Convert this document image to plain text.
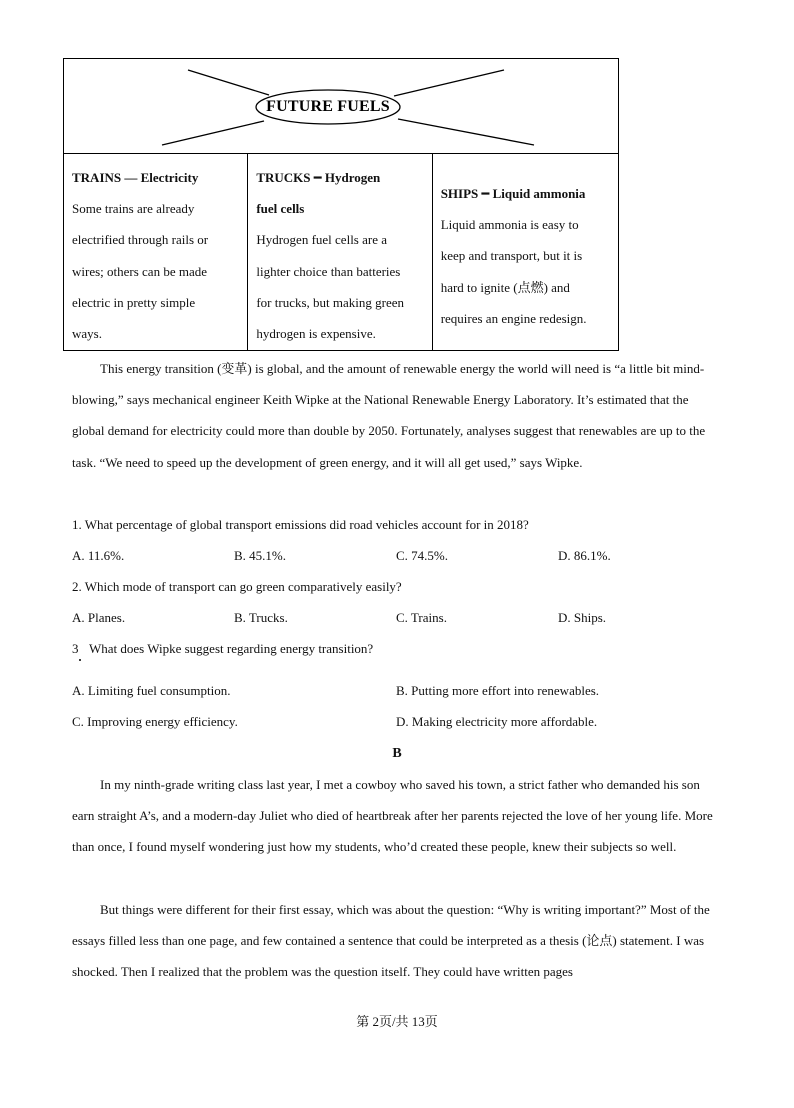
FUTURE FUELS
TRAINS — Electricity
Some trains are already
electrified through rails or
wires; others can be made
electric in pretty simple
ways.
TRUCKS ━ Hydrogen
fuel cells
Hydrogen fuel cells are a
lighter choice than batteries
for trucks, but making green
hydrogen is expensive.
SHIPS ━ Liquid ammonia
Liquid ammonia is easy to
keep and transport, but it is
hard to ignite (点燃) and
requires an engine redesign.
This energy transition (变革) is global, and the amount of renewable energy the world will need is “a little bit mind-blowing,” says mechanical engineer Keith Wipke at the National Renewable Energy Laboratory. It’s estimated that the global demand for electricity could more than double by 2050. Fortunately, analyses suggest that renewables are up to the task. “We need to speed up the development of green energy, and it will all get used,” says Wipke.
1. What percentage of global transport emissions did road vehicles account for in 2018?
A. 11.6%.	B. 45.1%.	C. 74.5%.	D. 86.1%.
2. Which mode of transport can go green comparatively easily?
A. Planes.	B. Trucks.	C. Trains.	D. Ships.
3 What does Wipke suggest regarding energy transition?
A. Limiting fuel consumption.	B. Putting more effort into renewables.
C. Improving energy efficiency.	D. Making electricity more affordable.
B
In my ninth-grade writing class last year, I met a cowboy who saved his town, a strict father who demanded his son earn straight A’s, and a modern-day Juliet who died of heartbreak after her parents rejected the love of her young life. More than once, I found myself wondering just how my students, who’d created these people, knew their subjects so well.
But things were different for their first essay, which was about the question: “Why is writing important?” Most of the essays filled less than one page, and few contained a sentence that could be interpreted as a thesis (论点) statement. I was shocked. Then I realized that the problem was the question itself. They could have written pages
第 2页/共 13页
